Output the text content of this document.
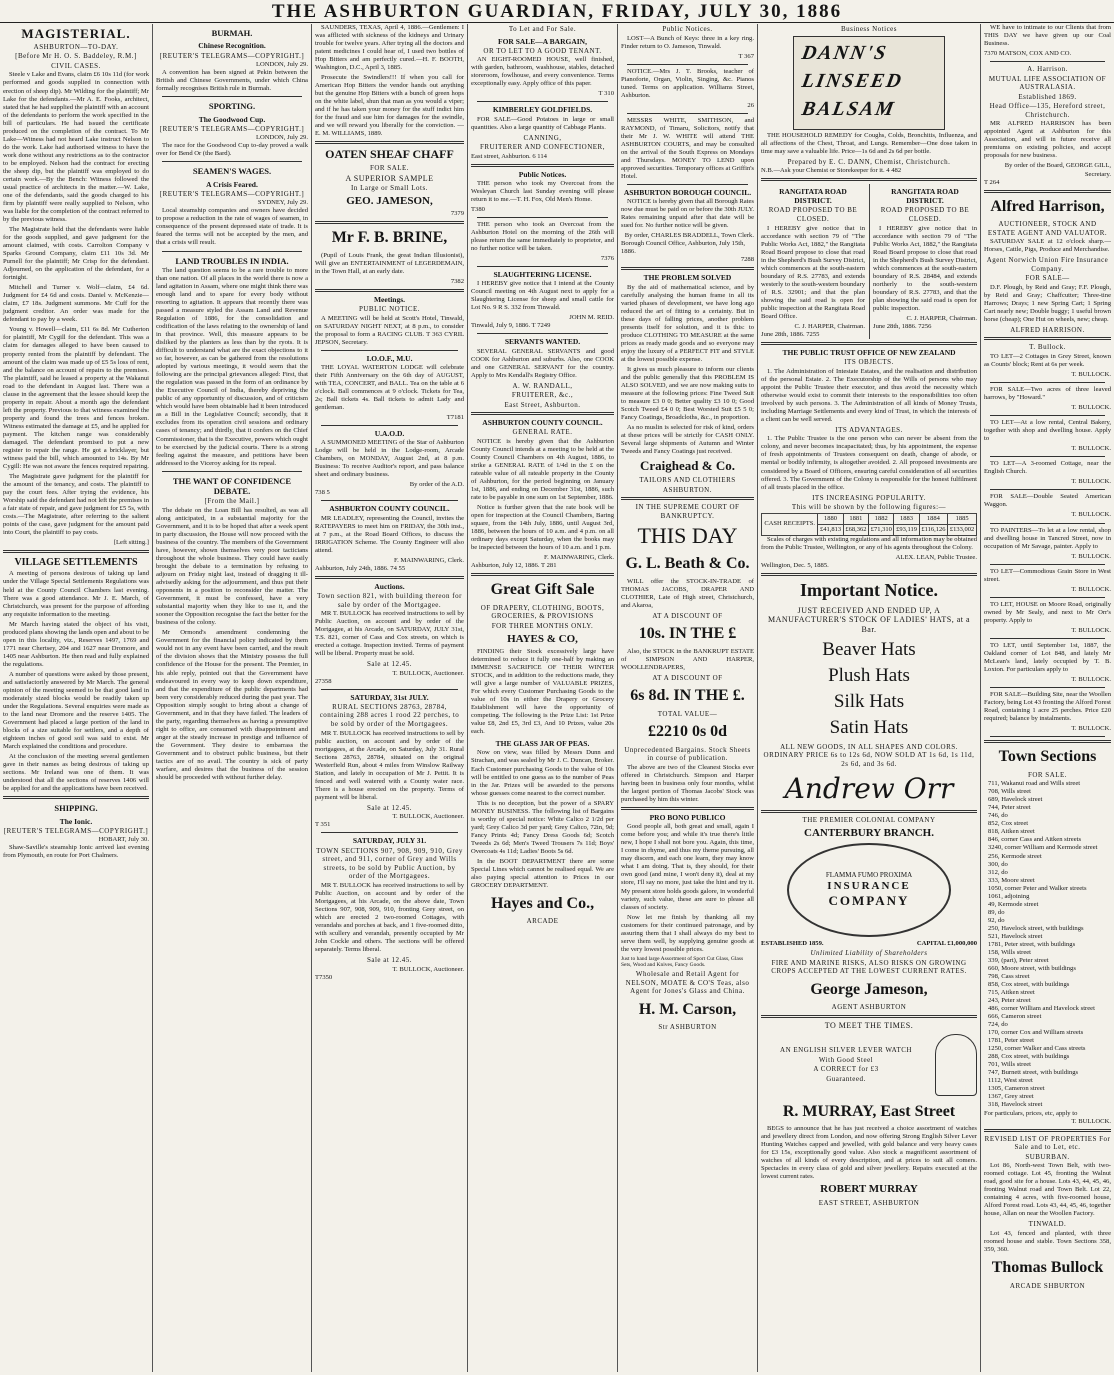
THE ASHBURTON GUARDIAN, FRIDAY, JULY 30, 1886
MAGISTERIAL.
ASHBURTON—TO-DAY.
[Before Mr H. O. S. Baddeley, R.M.]
CIVIL CASES.

Steele v Lake and Evans, claim £6 10s 11d (for work performed and goods supplied in connection with erection of sheep dip). Mr Wilding for the plaintiff; Mr Lake for the defendants.—Mr A. E. Fooks, architect, stated that he had supplied the plaintiff with an account of the defendants to perform the work specified in the bill of particulars. He had issued the certificate produced on the completion of the contract. To Mr Lake—Witness had not heard Lake instruct Nelson to do the work. Lake had authorised witness to have the work done without any restrictions as to the contractor to be employed. Nelson had the contract for erecting the sheep dip, but the plaintiff was employed to do certain work.—By the Bench: Witness followed the usual practice of architects in the matter.—W. Lake, one of the defendants, said the goods charged to his firm by plaintiff were really supplied to Nelson, who was liable for the completion of the contract referred to by the previous witness.

The Magistrate held that the defendants were liable for the goods supplied, and gave judgment for the amount claimed, with costs. Carrolton Company v Sparks Ground Company, claim £11 10s 3d. Mr Purnell for the plaintiff; Mr Crisp for the defendant. Adjourned, on the application of the defendant, for a fortnight.

Mitchell and Turner v. Wolf—claim, £4 6d. Judgment for £4 6d and costs. Daniel v. McKenzie—claim, £7 18s. Judgment summons. Mr Cuff for the judgment creditor. An order was made for the defendant to pay by a week.

Young v. Howell—claim, £11 6s 8d. Mr Cutherton for plaintiff, Mr Cygill for the defendant. This was a claim for damages alleged to have been caused to property rented from the plaintiff by defendant. The amount of the claim was made up of £5 5s loss of rent, and the balance on account of repairs to the premises. The plaintiff, said he leased a property at the Wakanui road to the defendant in August last. There was a clause in the agreement that the lessee should keep the property in repair. About a month ago the defendant left the property. Previous to that witness examined the property and found the trees and fences broken. Witness estimated the damage at £5, and he applied for payment. The kitchen range was considerably damaged. The defendant promised to put a new register to repair the range. He got a bricklayer, but witness paid the bill, which amounted to 14s. By Mr Cygill: He was not aware the fences required repairing.

The Magistrate gave judgment for the plaintiff for the amount of the tenancy, and costs. The plaintiff to pay the court fees. After trying the evidence, his Worship said the defendant had not left the premises in a fair state of repair, and gave judgment for £5 5s, with costs.—The Magistrate, after referring to the salient points of the case, gave judgment for the amount paid into Court, the plaintiff to pay costs.

[Left sitting.]
VILLAGE SETTLEMENTS

A meeting of persons desirous of taking up land under the Village Special Settlements Regulations was held at the County Council Chambers last evening. There was a good attendance. Mr J. E. March, of Christchurch, was present for the purpose of affording any requisite information to the meeting.

Mr March having stated the object of his visit, produced plans showing the lands open and about to be open in this locality, viz., Reserves 1497, 1769 and 1771 near Chertsey, 204 and 1627 near Dromore, and 1405 near Ashburton. He then read and fully explained the regulations.

A number of questions were asked by those present, and satisfactorily answered by Mr March. The general opinion of the meeting seemed to be that good land in moderately sized blocks would be readily taken up under the Regulations. Several enquiries were made as to the land near Dromore and the reserve 1405. The Government had placed a large portion of the land in blocks of a size suitable for settlers, and a depth of eighteen inches of good soil was said to exist. Mr March explained the conditions and procedure.

At the conclusion of the meeting several gentlemen gave in their names as being desirous of taking up sections. Mr Ireland was one of them. It was understood that all the sections of reserves 1406 will be applied for and the applications have been received.

SHIPPING.
The Ionic.
[REUTER'S TELEGRAMS—COPYRIGHT.]
HOBART, July 30.

Shaw-Saville's steamship Ionic arrived last evening from Plymouth, en route for Port Chalmers.

BURMAH.
Chinese Recognition.
[REUTER'S TELEGRAMS—COPYRIGHT.]
LONDON, July 29.

A convention has been signed at Pekin between the British and Chinese Governments, under which China formally recognises British rule in Burmah.

SPORTING.
The Goodwood Cup.
[REUTER'S TELEGRAMS—COPYRIGHT.]
LONDON, July 29.

The race for the Goodwood Cup to-day proved a walk over for Bend Or (the Bard).

SEAMEN'S WAGES.
A Crisis Feared.
[REUTER'S TELEGRAMS—COPYRIGHT.]
SYDNEY, July 29.

Local steamship companies and owners have decided to propose a reduction in the rate of wages of seamen, in consequence of the present depressed state of trade. It is feared the terms will not be accepted by the men, and that a crisis will result.

LAND TROUBLES IN INDIA.

The land question seems to be a rare trouble to more than one nation. Of all places in the world there is now a land agitation in Assam, where one might think there was enough land and to spare for every body without resorting to agitation. It appears that recently there was passed a measure styled the Assam Land and Revenue Regulation of 1886, for the consolidation and codification of the laws relating to the ownership of land in that province. Well, this measure appears to be disliked by the planters as less than by the ryots. It is difficult to understand what are the exact objections to it so far, however, as can be gathered from the resolutions adopted by various meetings, it would seem that the following are the principal grievances alleged: First, that the regulation was passed in the form of an ordinance by the Executive Council of India, thereby depriving the public of any opportunity of discussion, and of criticism which would have been obtainable had it been introduced as a Bill in the Legislative Council; secondly, that it excludes from its operation civil sessions and ordinary cases of tenancy; and thirdly, that it confers on the Chief Commissioner, that is the Executive, powers which ought to be exercised by the judicial courts. There is a strong feeling against the measure, and petitions have been addressed to the Viceroy asking for its repeal.

THE WANT OF CONFIDENCE DEBATE.
[From the Mail.]

The debate on the Loan Bill has resulted, as was all along anticipated, in a substantial majority for the Government, and it is to be hoped that after a week spent in party discussion, the House will now proceed with the business of the country. The members of the Government have, however, shown themselves very poor tacticians throughout the whole business. They could have easily brought the debate to a termination by refusing to adjourn on Friday night last, instead of dragging it ill-advisedly asking for the adjournment, and thus put their opponents in a position to reconsider the matter. The Government, it must be confessed, have a very substantial majority when they like to use it, and the sooner the Opposition recognise the fact the better for the business of the colony.

Mr Ormond's amendment condemning the Government for the financial policy indicated by them would not in any event have been carried, and the result of the division shows that the Ministry possess the full confidence of the House for the present. The Premier, in his able reply, pointed out that the Government have endeavoured in every way to keep down expenditure, and that the expenditure of the public departments had been very considerably reduced during the past year. The Opposition simply sought to bring about a change of Government, and in that they have failed. The leaders of the party, regarding themselves as having a presumptive right to office, are consumed with disappointment and anger at the steady increase in prestige and influence of the Government. They desire to embarrass the Government and to obstruct public business, but their tactics are of no avail. The country is sick of party warfare, and desires that the business of the session should be proceeded with without further delay.

SAUNDERS, TEXAS, April 4, 1886.—Gentlemen: I was afflicted with sickness of the kidneys and Urinary trouble for twelve years. After trying all the doctors and patent medicines I could hear of, I used two bottles of Hop Bitters and am perfectly cured.—H. F. BOOTH, Washington, D.C., April 3, 1885.

Prosecute the Swindlers!!! If when you call for American Hop Bitters the vendor hands out anything but the genuine Hop Bitters with a bunch of green hops on the white label, shun that man as you would a viper; and if he has taken your money for the stuff indict him for the fraud and sue him for damages for the swindle, and we will reward you liberally for the conviction. —E. M. WILLIAMS, 1889.

OATEN SHEAF CHAFF
FOR SALE.
A SUPERIOR SAMPLE
In Large or Small Lots.
GEO. JAMESON,
7379
Mr F. B. BRINE,

(Pupil of Louis Frank, the great Indian Illusionist), Will give an ENTERTAINMENT of LEGERDEMAIN, in the Town Hall, at an early date.

7382
Meetings.
PUBLIC NOTICE.

A MEETING will be held at Scott's Hotel, Tinwald, on SATURDAY NIGHT NEXT, at 8 p.m., to consider the proposal to form a RACING CLUB. T 363 CYRIL JEPSON, Secretary.

I.O.O.F., M.U.

THE LOYAL WATERTON LODGE will celebrate their Fifth Anniversary on the 6th day of AUGUST, with TEA, CONCERT, and BALL. Tea on the table at 6 o'clock. Ball commences at 9 o'clock. Tickets for Tea, 2s; Ball tickets 4s. Ball tickets to admit Lady and gentleman.

T7181
U.A.O.D.

A SUMMONED MEETING of the Star of Ashburton Lodge will be held in the Lodge-room, Arcade Chambers, on MONDAY, August 2nd, at 8 p.m. Business: To receive Auditor's report, and pass balance sheet and ordinary business.

By order of the A.D.
738 5
ASHBURTON COUNTY COUNCIL.

MR LEADLEY, representing the Council, invites the RATEPAYERS to meet him on FRIDAY, the 30th inst., at 7 p.m., at the Road Board Offices, to discuss the IRRIGATION Scheme. The County Engineer will also attend.

F. MAINWARING, Clerk.
Ashburton, July 24th, 1886. 74 55
Auctions.
Town section 821, with building thereon for sale by order of the Mortgagee.

MR T. BULLOCK has received instructions to sell by Public Auction, on account and by order of the Mortgagee, at his Arcade, on SATURDAY, JULY 31st, T.S. 821, corner of Cass and Cox streets, on which is erected a cottage. Inspection invited. Terms of payment will be liberal. Property must be sold.

Sale at 12.45.
T. BULLOCK, Auctioneer.
27358
SATURDAY, 31st JULY.
RURAL SECTIONS 28763, 28784, containing 288 acres 1 rood 22 perches, to be sold by order of the Mortgagees.

MR T. BULLOCK has received instructions to sell by public auction, on account and by order of the mortgagees, at the Arcade, on Saturday, July 31. Rural Sections 28763, 28784, situated on the original Westerfield Run, about 4 miles from Winslow Railway Station, and lately in occupation of Mr J. Pettit. It is fenced and well watered with a County water race. There is a house erected on the property. Terms of payment will be liberal.

Sale at 12.45.
T. BULLOCK, Auctioneer.
T 351
SATURDAY, JULY 31.
TOWN SECTIONS 907, 908, 909, 910, Grey street, and 911, corner of Grey and Wills streets, to be sold by Public Auction, by order of the Mortgagees.

MR T. BULLOCK has received instructions to sell by Public Auction, on account and by order of the Mortgagees, at his Arcade, on the above date, Town Sections 907, 908, 909, 910, fronting Grey street, on which are erected 2 two-roomed Cottages, with verandahs and porches at back, and 1 five-roomed ditto, with scullery and verandah, presently occupied by Mr John Cockle and others. The sections will be offered separately. Terms liberal.

Sale at 12.45.
T. BULLOCK, Auctioneer.
T7350
To Let and For Sale.
FOR SALE—A BARGAIN,
OR TO LET TO A GOOD TENANT.

AN EIGHT-ROOMED HOUSE, well finished, with garden, bathroom, washhouse, stables, detached storeroom, fowlhouse, and every convenience. Terms exceptionally easy. Apply office of this paper.

T 310
KIMBERLEY GOLDFIELDS.

FOR SALE—Good Potatoes in large or small quantities. Also a large quantity of Cabbage Plants.

CANNING,
FRUITERER AND CONFECTIONER,
East street, Ashburton. 6 114
Public Notices.

THE person who took my Overcoat from the Wesleyan Church last Sunday evening will please return it to me.—T. H. Fox, Old Men's Home.

T380

THE person who took an Overcoat from the Ashburton Hotel on the morning of the 26th will please return the same immediately to proprietor, and no further notice will be taken.

7376
SLAUGHTERING LICENSE.

I HEREBY give notice that I intend at the County Council meeting on 4th August next to apply for a Slaughtering License for sheep and small cattle for Lot No. 9 R S. 332 from Tinwald.

JOHN M. REID.
Tinwald, July 9, 1886. T 7249
SERVANTS WANTED.

SEVERAL GENERAL SERVANTS and good COOK for Ashburton and suburbs. Also, one COOK and one GENERAL SERVANT for the country. Apply to Mrs Kendall's Registry Office.

A. W. RANDALL,
FRUITERER, &c.,
East Street, Ashburton.
ASHBURTON COUNTY COUNCIL.
GENERAL RATE.

NOTICE is hereby given that the Ashburton County Council intends at a meeting to be held at the County Council Chambers on 4th August, 1886, to strike a GENERAL RATE of 1/4d in the £ on the rateable value of all rateable property in the County of Ashburton, for the period beginning on January 1st, 1886, and ending on December 31st, 1886, such rate to be payable in one sum on 1st September, 1886.

Notice is further given that the rate book will be open for inspection at the Council Chambers, Baring square, from the 14th July, 1886, until August 3rd, 1886, between the hours of 10 a.m. and 4 p.m. on all ordinary days except Saturday, when the books may be inspected between the hours of 10 a.m. and 1 p.m.

F. MAINWARING, Clerk.
Ashburton, July 12, 1886. T 281
Great Gift Sale
OF DRAPERY, CLOTHING, BOOTS, GROCERIES, & PROVISIONS
FOR THREE MONTHS ONLY.
HAYES & CO,

FINDING their Stock excessively large have determined to reduce it fully one-half by making an IMMENSE SACRIFICE OF THEIR WINTER STOCK, and in addition to the reductions made, they will give a large number of VALUABLE PRIZES, For which every Customer Purchasing Goods to the value of 10s in either the Drapery or Grocery Establishment will have the opportunity of competing. The following is the Prize List: 1st Prize value £8, 2nd £5, 3rd £3, And 10 Prizes, value 20s each.

THE GLASS JAR OF PEAS.

Now on view, was filled by Messrs Dunn and Strachan, and was sealed by Mr J. C. Duncan, Broker. Each Customer purchasing Goods to the value of 10s will be entitled to one guess as to the number of Peas in the Jar. Prizes will be awarded to the persons whose guesses come nearest to the correct number.

This is no deception, but the power of a SPARY MONEY BUSINESS. The following list of Bargains is worthy of special notice: White Calico 2 1/2d per yard; Grey Calico 3d per yard; Grey Calico, 72in, 9d; Fancy Prints 4d; Fancy Dress Goods 6d; Scotch Tweeds 2s 6d; Men's Tweed Trousers 7s 11d; Boys' Overcoats 4s 11d; Ladies' Boots 5s 6d.

In the BOOT DEPARTMENT there are some Special Lines which cannot be realised equal. We are also paying special attention to Prices in our GROCERY DEPARTMENT.

Hayes and Co.,
ARCADE
Public Notices.

LOST—A Bunch of Keys: three in a key ring. Finder return to O. Jameson, Tinwald.

T 367

NOTICE.—Mrs J. T. Brooks, teacher of Pianoforte, Organ, Violin, Singing, &c. Pianos tuned. Terms on application. Williams Street, Ashburton.

26

MESSRS WHITE, SMITHSON, and RAYMOND, of Timaru, Solicitors, notify that their Mr J. W. WHITE will attend THE ASHBURTON COURTS, and may be consulted on the arrival of the South Express on Mondays and Thursdays. MONEY TO LEND upon approved securities. Temporary offices at Griffin's Hotel.

ASHBURTON BOROUGH COUNCIL.

NOTICE is hereby given that all Borough Rates now due must be paid on or before the 30th JULY. Rates remaining unpaid after that date will be sued for. No further notice will be given.

By order, CHARLES BRADDELL, Town Clerk.
Borough Council Office, Ashburton, July 15th, 1886.
7288
THE PROBLEM SOLVED

By the aid of mathematical science, and by carefully analysing the human frame in all its varied phases of development, we have long ago reduced the art of fitting to a certainty. But in these days of falling prices, another problem presents itself for solution, and it is this: to produce CLOTHING TO MEASURE at the same prices as ready made goods and so everyone may enjoy the luxury of a PERFECT FIT and STYLE at the lowest possible expense.

It gives us much pleasure to inform our clients and the public generally that this PROBLEM IS ALSO SOLVED, and we are now making suits to measure at the following prices: Fine Tweed Suit to measure £3 0 0; Better quality £3 10 0; Good Scotch Tweed £4 0 0; Best Worsted Suit £5 5 0; Fancy Coatings, Broadcloths, &c., in proportion.

As no muslin is selected for risk of kind, orders at these prices will be strictly for CASH ONLY. Several large shipments of Autumn and Winter Tweeds and Fancy Coatings just received.

Craighead & Co.
TAILORS AND CLOTHIERS
ASHBURTON.
IN THE SUPREME COURT OF BANKRUPTCY.
THIS DAY
G. L. Beath & Co.

WILL offer the STOCK-IN-TRADE of THOMAS JACOBS, DRAPER AND CLOTHIER, Late of High street, Christchurch, and Akaroa,

AT A DISCOUNT OF
10s. IN THE £

Also, the STOCK in the BANKRUPT ESTATE of SIMPSON AND HARPER, WOOLLENDRAPERS,

AT A DISCOUNT OF
6s 8d. IN THE £.
TOTAL VALUE—
£2210 0s 0d
Unprecedented Bargains. Stock Sheets in course of publication.

The above are two of the Cleanest Stocks ever offered in Christchurch. Simpson and Harper having been in business only four months, whilst the largest portion of Thomas Jacobs' Stock was purchased by him this winter.

PRO BONO PUBLICO

Good people all, both great and small, again I come before you; and while it's true there's little new, I hope I shall not bore you. Again, this time, I come in rhyme, and thus my theme pursuing, all may discern, and each one learn, they may know what I am doing. That is, they should, for their own good (and mine, I won't deny it), deal at my store, I'll say no more, just take the hint and try it. My present store holds goods galore, in wonderful variety, such value, these are sure to please all classes of society.

Now let me finish by thanking all my customers for their continued patronage, and by assuring them that I shall always do my best to serve them well, by supplying genuine goods at the very lowest possible prices.

Just to hand large Assortment of Sport Cut Glass, Glass Sets, Wood and Knives, Fancy Goods.
Wholesale and Retail Agent for NELSON, MOATE & CO'S Teas, also Agent for Jones's Glass and China.
H. M. Carson,
Str ASHBURTON
Business Notices
DANN'S
LINSEED
BALSAM

THE HOUSEHOLD REMEDY for Coughs, Colds, Bronchitis, Influenza, and all affections of the Chest, Throat, and Lungs. Remember—One dose taken in time may save a valuable life. Price—1s 6d and 2s 6d per bottle.

Prepared by E. C. DANN, Chemist, Christchurch.
N.B.—Ask your Chemist or Storekeeper for it. 4 482
RANGITATA ROAD DISTRICT.
ROAD PROPOSED TO BE CLOSED.

I HEREBY give notice that in accordance with section 79 of "The Public Works Act, 1882," the Rangitata Road Board propose to close that road in the Shepherd's Bush Survey District, which commences at the south-eastern boundary of R.S. 27783, and extends westerly to the south-western boundary of R.S. 32901; and that the plan showing the said road is open for public inspection at the Rangitata Road Board Office.

C. J. HARPER, Chairman.
June 28th, 1886. 7255
RANGITATA ROAD DISTRICT.
ROAD PROPOSED TO BE CLOSED.

I HEREBY give notice that in accordance with section 79 of "The Public Works Act, 1882," the Rangitata Road Board propose to close that road in the Shepherd's Bush Survey District, which commences at the south-eastern boundary of R.S. 28484, and extends northerly to the south-western boundary of R.S. 27783, and that the plan showing the said road is open for public inspection.

C. J. HARPER, Chairman.
June 28th, 1886. 7256
THE PUBLIC TRUST OFFICE OF NEW ZEALAND
ITS OBJECTS.

1. The Administration of Intestate Estates, and the realisation and distribution of the personal Estate. 2. The Executorship of the Wills of persons who may appoint the Public Trustee their executor, and thus avoid the necessity which otherwise would exist to commit their interests to the responsibilities too often involved by such persons. 3. The Administration of all kinds of Money Trusts, including Marriage Settlements and every kind of Trust, in which the interests of a client can be well served.

ITS ADVANTAGES.

1. The Public Trustee is the one person who can never be absent from the colony, and never becomes incapacitated; thus, by his appointment, the expense of fresh appointments of Trustees consequent on death, change of abode, or mental or bodily infirmity, is altogether avoided. 2. All proposed investments are considered by a Board of Officers, ensuring careful consideration of all securities offered. 3. The Government of the Colony is responsible for the honest fulfilment of all trusts placed in the office.

ITS INCREASING POPULARITY.
This will be shown by the following figures:—
CASH RECEIPTS.	1880	1881	1882	1883	1884	1885
	£41,813	£68,362	£71,310	£93,119	£116,126	£133,002

Scales of charges with existing regulations and all information may be obtained from the Public Trustee, Wellington, or any of his agents throughout the Colony.

ALEX. LEAN, Public Trustee.
Wellington, Dec. 5, 1885.
Important Notice.
JUST RECEIVED AND ENDED UP, A MANUFACTURER'S STOCK OF LADIES' HATS, at a Bar.
Beaver Hats
Plush Hats
Silk Hats
Satin Hats
ALL NEW GOODS, IN ALL SHAPES AND COLORS. ORDINARY PRICE 6s to 12s 6d, NOW SOLD AT 1s 6d, 1s 11d, 2s 6d, and 3s 6d.
Andrew Orr
THE PREMIER COLONIAL COMPANY
CANTERBURY BRANCH.
FLAMMA FUMO PROXIMA
INSURANCE
COMPANY
ESTABLISHED 1859.	CAPITAL £1,000,000
Unlimited Liability of Shareholders
FIRE AND MARINE RISKS, ALSO RISKS ON GROWING CROPS ACCEPTED AT THE LOWEST CURRENT RATES.
George Jameson,
AGENT ASHBURTON
TO MEET THE TIMES.
AN ENGLISH SILVER LEVER WATCH
With Good Steel
A CORRECT for £3
Guaranteed.
R. MURRAY, East Street

BEGS to announce that he has just received a choice assortment of watches and jewellery direct from London, and now offering Strong English Silver Lever Hunting Watches capped and jewelled, with gold balance and very heavy cases for £3 15s, exceptionally good value. Also stock a magnificent assortment of watches of all kinds of every description, and at prices to suit all comers. Spectacles in every class of gold and silver jewellery. Repairs executed at the lowest current rates.

ROBERT MURRAY
EAST STREET, ASHBURTON

WE have to intimate to our Clients that from THIS DAY we have given up our Coal Business.

7370 MATSON, COX AND CO.
A. Harrison.
MUTUAL LIFE ASSOCIATION OF AUSTRALASIA.
Established 1869.
Head Office—135, Hereford street, Christchurch.

MR ALFRED HARRISON has been appointed Agent at Ashburton for this Association, and will in future receive all premiums on existing policies, and accept proposals for new business.

By order of the Board, GEORGE GILL, Secretary.
T 264
Alfred Harrison,
AUCTIONEER, STOCK AND ESTATE AGENT AND VALUATOR.

SATURDAY SALE at 12 o'clock sharp.—Horses, Cattle, Pigs, Produce and Merchandise.

Agent Norwich Union Fire Insurance Company.
FOR SALE—

D.F. Plough, by Reid and Gray; F.F. Plough, by Reid and Gray; Chaffcutter; Three-tine Harrows; Drays; 1 new Spring Cart; 1 Spring Cart nearly new; Double buggy; 1 useful brown horse (cheap); One Hut on wheels, new; cheap.

ALFRED HARRISON.
T. Bullock.

TO LET—2 Cottages in Grey Street, known as Counts' block; Rent at 6s per week.

T. BULLOCK.

FOR SALE—Two acres of three leaved harrows, by "Howard."

T. BULLOCK.

TO LET—At a low rental, Central Bakery, together with shop and dwelling house. Apply to

T. BULLOCK.

TO LET—A 3-roomed Cottage, near the English Church.

T. BULLOCK.

FOR SALE—Double Seated American Waggon.

T. BULLOCK.

TO PAINTERS—To let at a low rental, shop and dwelling house in Tancred Street, now in occupation of Mr Savage, painter. Apply to

T. BULLOCK.

TO LET—Commodious Grain Store in West street.

T. BULLOCK.

TO LET, HOUSE on Moore Road, originally owned by Mr Sealy, and next to Mr Orr's property. Apply to

T. BULLOCK.

TO LET, until September 1st, 1887, the Oakland corner of Lot 848, and lately Mr McLean's land, lately occupied by T. B. Loxton. For particulars apply to

T. BULLOCK.

FOR SALE—Building Site, near the Woollen Factory, being Lot 43 fronting the Alford Forest Road, containing 1 acre 25 perches. Price £20 required; balance by instalments.

T. BULLOCK.
Town Sections
FOR SALE.
711, Wakanui road and Wills street
708, Wills street
689, Havelock street
744, Peter street
746, do
852, Cox street
818, Aitken street
846, corner Cass and Aitken streets
3240, corner William and Kermode street
256, Kermode street
300, do
312, do
333, Moore street
1050, corner Peter and Walker streets
1061, adjoining
49, Kermode street
89, do
92, do
250, Havelock street, with buildings
521, Havelock street
1781, Peter street, with buildings
158, Wills street
339, (part), Peter street
660, Moore street, with buildings
798, Cass street
858, Cox street, with buildings
715, Aitken street
243, Peter street
486, corner William and Havelock street
666, Cameron street
724, do
170, corner Cox and William streets
1781, Peter street
1250, corner Walker and Cass streets
288, Cox street, with buildings
701, Wills street
747, Burnett street, with buildings
1112, West street
1305, Cameron street
1367, Grey street
318, Havelock street
For particulars, prices, etc, apply to
T. BULLOCK.
REVISED LIST OF PROPERTIES For Sale and to Let, etc.
SUBURBAN.

Lot 86, North-west Town Belt, with two-roomed cottage. Lot 45, fronting the Walnut road, good site for a house. Lots 43, 44, 45, 46, fronting Walnut road and Town Belt. Lot 22, containing 4 acres, with five-roomed house, Alford Forest road. Lots 43, 44, 45, 46, together house, Allan on near the Woollen Factory.

TINWALD.

Lot 43, fenced and planted, with three roomed house and stable. Town Sections 358, 359, 360.

Thomas Bullock
ARCADE SHBURTON
